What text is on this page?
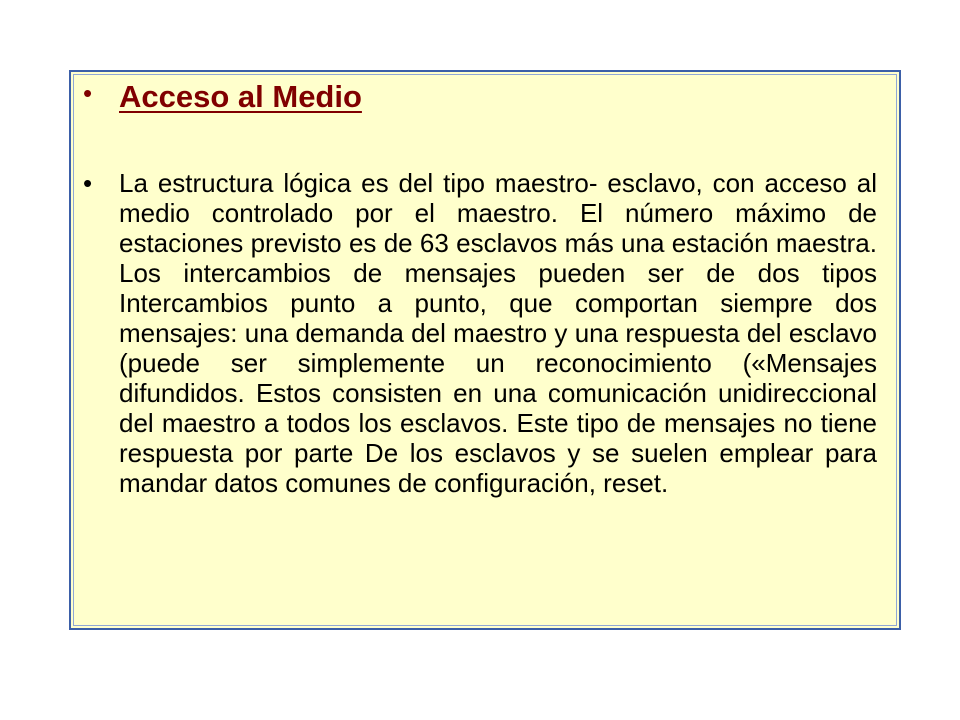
• Acceso al Medio
•	La estructura lógica es del tipo maestro- esclavo, con acceso al medio controlado por el maestro. El número máximo de estaciones previsto es de 63 esclavos más una estación maestra. Los intercambios de mensajes pueden ser de dos tipos Intercambios punto a punto, que comportan siempre dos mensajes: una demanda del maestro y una respuesta del esclavo (puede ser simplemente un reconocimiento («Mensajes difundidos. Estos consisten en una comunicación unidireccional del maestro a todos los esclavos. Este tipo de mensajes no tiene respuesta por parte De los esclavos y se suelen emplear para mandar datos comunes de configuración, reset.
